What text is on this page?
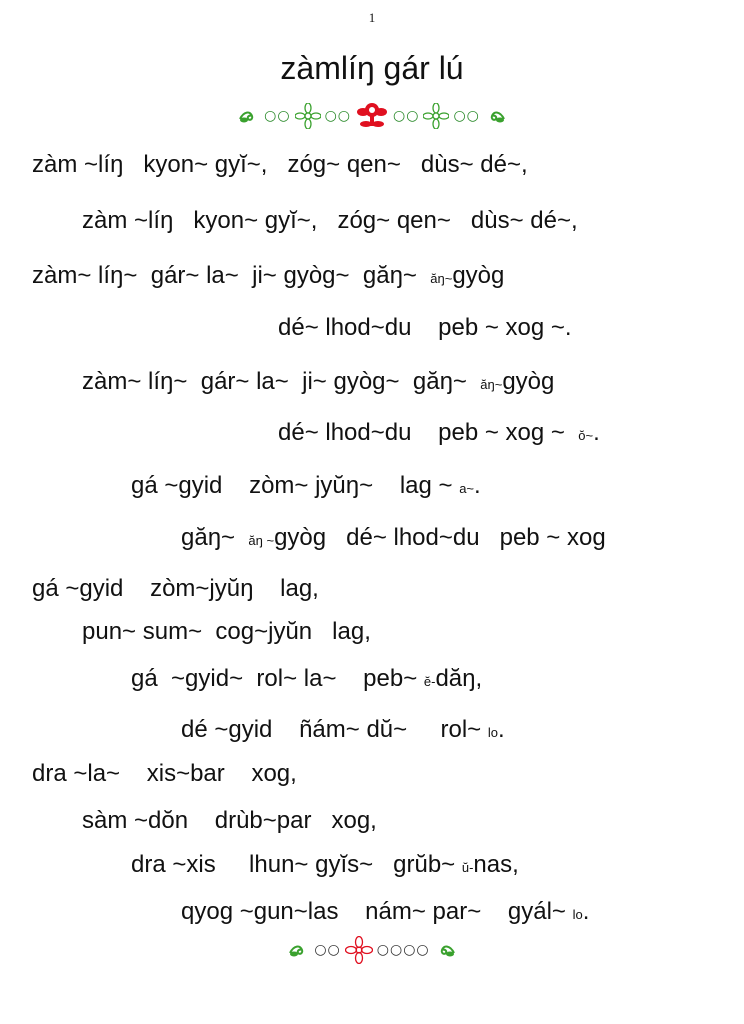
1
zàmlíŋ gár lú
○○ ○○	○○ ○○
zàm ~líŋ   kyon~ gyĭ~,   zóg~ qen~   dùs~ dé~,
zàm ~líŋ   kyon~ gyĭ~,   zóg~ qen~   dùs~ dé~,
zàm~ líŋ~  gár~ la~  ji~ gyòg~  găŋ~  ăŋ~gyòg
dé~ lhod~du    peb ~ xog ~.
zàm~ líŋ~  gár~ la~  ji~ gyòg~  găŋ~  ăŋ~gyòg
dé~ lhod~du    peb ~ xog ~  ŏ~.
gá ~gyid    zòm~ jyŭŋ~    lag ~ a~.
găŋ~  ăŋ ~gyòg   dé~ lhod~du   peb ~ xog
gá ~gyid    zòm~jyŭŋ    lag,
pun~ sum~  cog~jyŭn   lag,
gá  ~gyid~  rol~ la~    peb~ ĕ-dăŋ,
dé ~gyid    ñám~ dŭ~     rol~ lo.
dra ~la~    xis~bar    xog,
sàm ~dŏn    drùb~par   xog,
dra ~xis     lhun~ gyĭs~   grŭb~ ŭ-nas,
qyog ~gun~las    nám~ par~    gyál~ lo.
○○	○○○○
